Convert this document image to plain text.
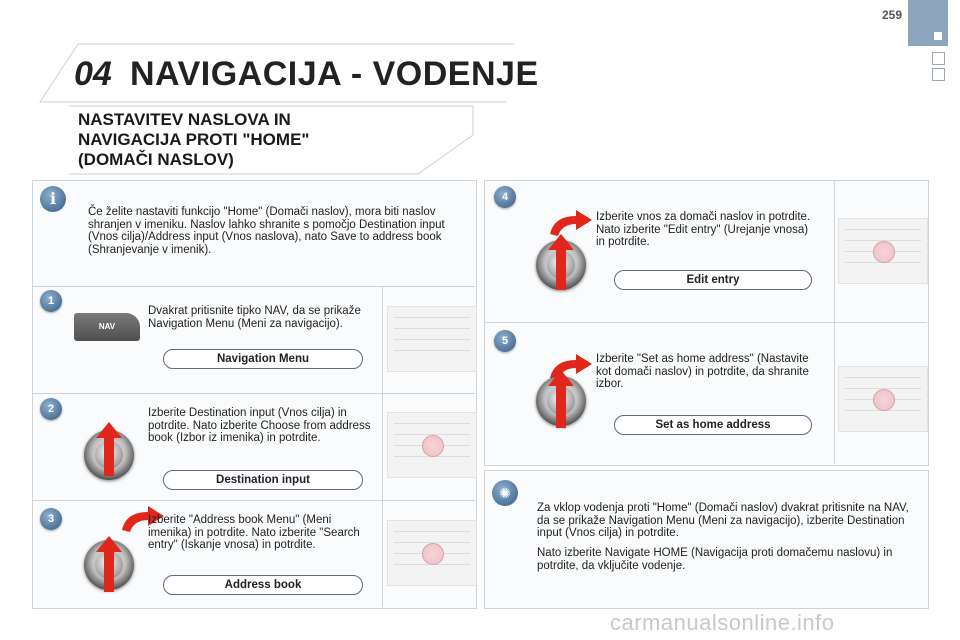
259
04 NAVIGACIJA - VODENJE
NASTAVITEV NASLOVA IN NAVIGACIJA PROTI "HOME" (DOMAČI NASLOV)
i
Če želite nastaviti funkcijo "Home" (Domači naslov), mora biti naslov shranjen v imeniku. Naslov lahko shranite s pomočjo Destination input (Vnos cilja)/Address input (Vnos naslova), nato Save to address book (Shranjevanje v imenik).
1
NAV
Dvakrat pritisnite tipko NAV, da se prikaže Navigation Menu (Meni za navigacijo).
Navigation Menu
2	Izberite Destination input (Vnos cilja) in potrdite. Nato izberite Choose from address book (Izbor iz imenika) in potrdite.
Destination input
3	Izberite "Address book Menu" (Meni imenika) in potrdite. Nato izberite "Search entry" (Iskanje vnosa) in potrdite.
Address book
4
Izberite vnos za domači naslov in potrdite. Nato izberite "Edit entry" (Urejanje vnosa) in potrdite.
Edit entry
5
Izberite "Set as home address" (Nastavite kot domači naslov) in potrdite, da shranite izbor.
Set as home address
✺
Za vklop vodenja proti "Home" (Domači naslov) dvakrat pritisnite na NAV, da se prikaže Navigation Menu (Meni za navigacijo), izberite Destination input (Vnos cilja) in potrdite.
Nato izberite Navigate HOME (Navigacija proti domačemu naslovu) in potrdite, da vključite vodenje.
carmanualsonline.info
